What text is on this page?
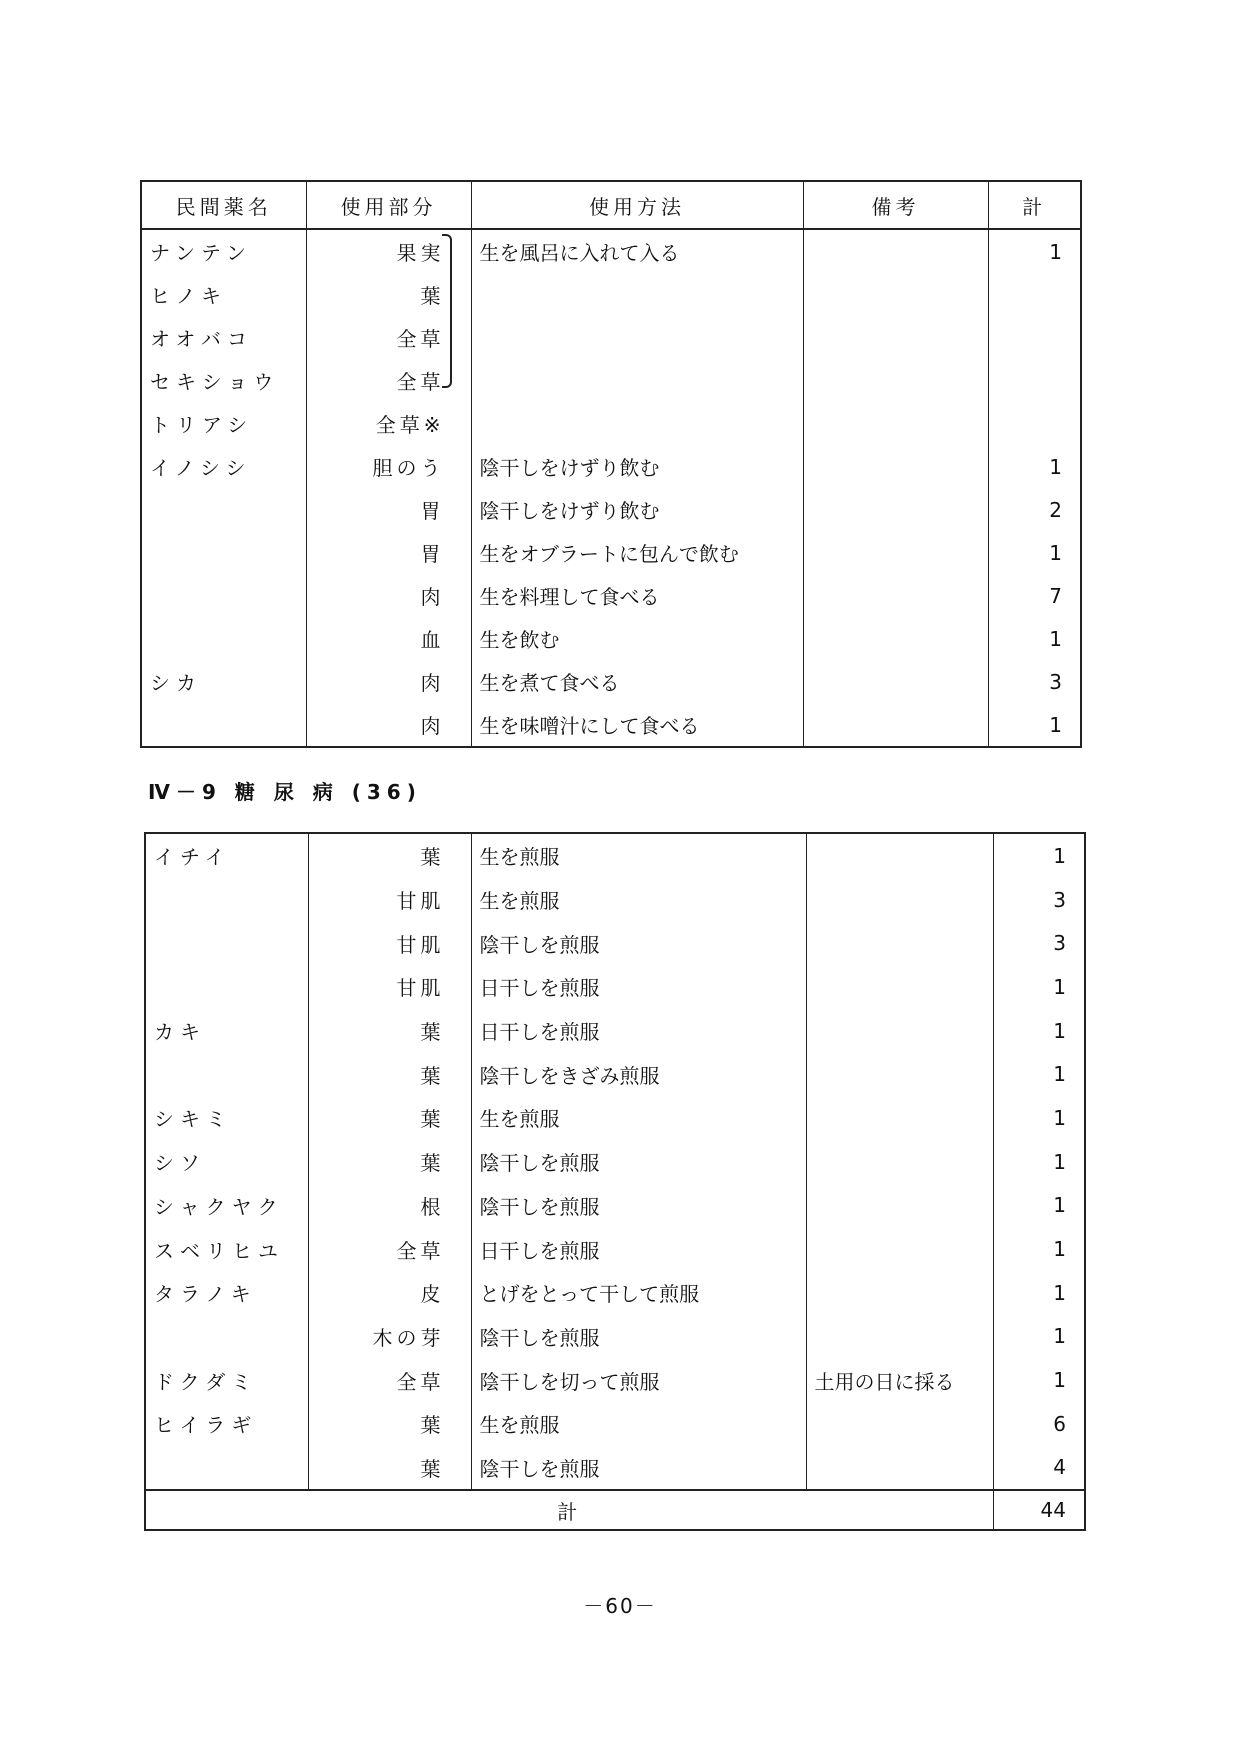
民間薬名	使用部分	使用方法	備考	計
ナンテン	果実	生を風呂に入れて入る		1
ヒノキ	葉			
オオバコ	全草			
セキショウ	全草			
トリアシ	全草※			
イノシシ	胆のう	陰干しをけずり飲む		1
	胃	陰干しをけずり飲む		2
	胃	生をオブラートに包んで飲む		1
	肉	生を料理して食べる		7
	血	生を飲む		1
シカ	肉	生を煮て食べる		3
	肉	生を味噌汁にして食べる		1
Ⅳ－9 糖 尿 病 (36)
イチイ	葉	生を煎服		1
	甘肌	生を煎服		3
	甘肌	陰干しを煎服		3
	甘肌	日干しを煎服		1
カキ	葉	日干しを煎服		1
	葉	陰干しをきざみ煎服		1
シキミ	葉	生を煎服		1
シソ	葉	陰干しを煎服		1
シャクヤク	根	陰干しを煎服		1
スベリヒユ	全草	日干しを煎服		1
タラノキ	皮	とげをとって干して煎服		1
	木の芽	陰干しを煎服		1
ドクダミ	全草	陰干しを切って煎服	土用の日に採る	1
ヒイラギ	葉	生を煎服		6
	葉	陰干しを煎服		4
計				44
－60－
